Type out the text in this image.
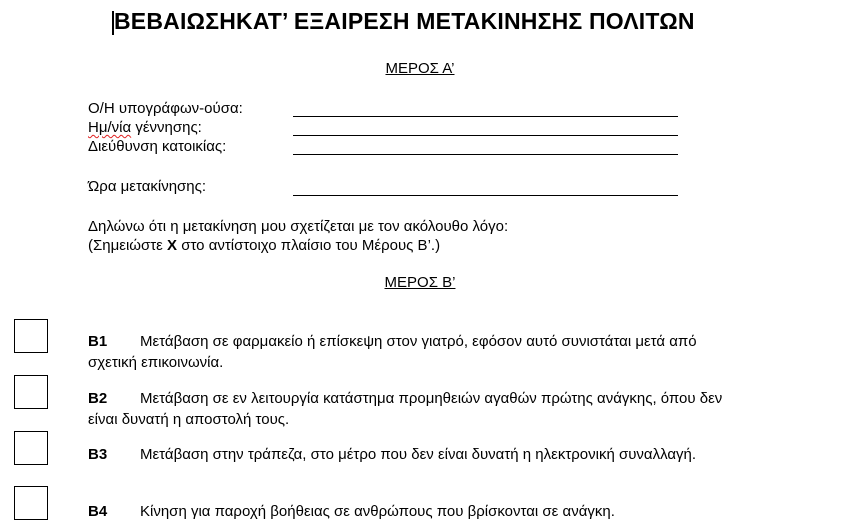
ΒΕΒΑΙΩΣΗΚΑΤ’ ΕΞΑΙΡΕΣΗ ΜΕΤΑΚΙΝΗΣΗΣ ΠΟΛΙΤΩΝ
ΜΕΡΟΣ Α’
Ο/Η υπογράφων-ούσα:
Ημ/νία γέννησης:
Διεύθυνση κατοικίας:
Ώρα μετακίνησης:
Δηλώνω ότι η μετακίνηση μου σχετίζεται με τον ακόλουθο λόγο:
(Σημειώστε Χ στο αντίστοιχο πλαίσιο του Μέρους Β’.)
ΜΕΡΟΣ Β’
Β1 Μετάβαση σε φαρμακείο ή επίσκεψη στον γιατρό, εφόσον αυτό συνιστάται μετά από σχετική επικοινωνία.
Β2 Μετάβαση σε εν λειτουργία κατάστημα προμηθειών αγαθών πρώτης ανάγκης, όπου δεν είναι δυνατή η αποστολή τους.
Β3 Μετάβαση στην τράπεζα, στο μέτρο που δεν είναι δυνατή η ηλεκτρονική συναλλαγή.
Β4 Κίνηση για παροχή βοήθειας σε ανθρώπους που βρίσκονται σε ανάγκη.
